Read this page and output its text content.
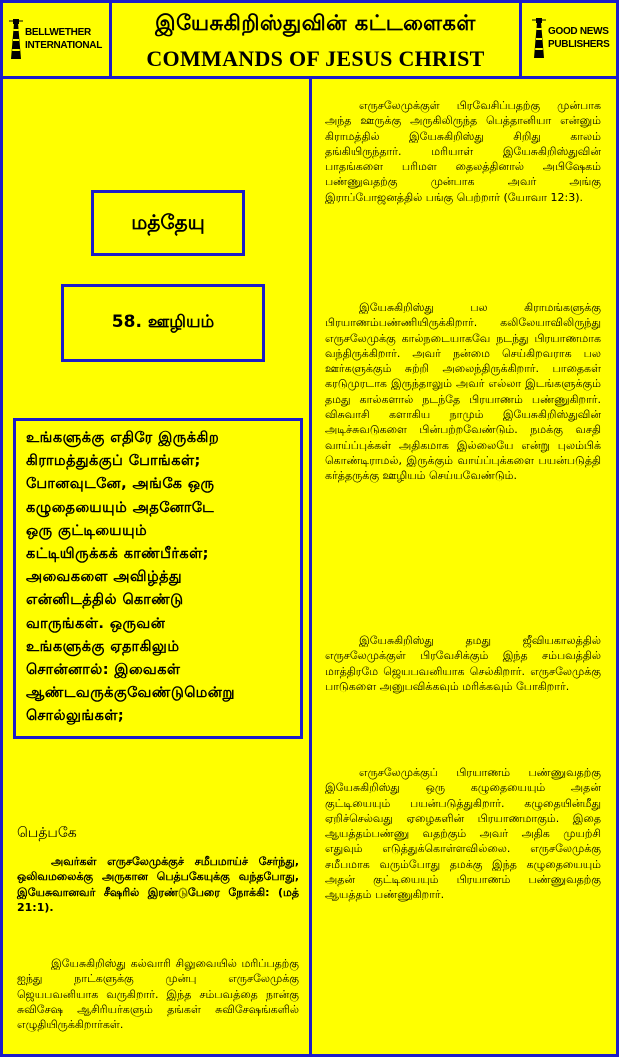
BELLWETHER
INTERNATIONAL
இயேசுகிறிஸ்துவின் கட்டளைகள்
COMMANDS OF JESUS CHRIST
GOOD NEWS
PUBLISHERS
மத்தேயு
58. ஊழியம்
உங்களுக்கு எதிரே இருக்கிற
கிராமத்துக்குப் போங்கள்;
போனவுடனே, அங்கே ஒரு
கழுதையையும் அதனோடே
ஒரு குட்டியையும்
கட்டியிருக்கக் காண்பீர்கள்;
அவைகளை அவிழ்த்து
என்னிடத்தில் கொண்டு
வாருங்கள். ஒருவன்
உங்களுக்கு ஏதாகிலும்
சொன்னால்: இவைகள்
ஆண்டவருக்குவேண்டுமென்று
சொல்லுங்கள்;
பெத்பகே
அவர்கள் எருசலேமுக்குச் சமீபமாய்ச் சேர்ந்து, ஒலிவமலைக்கு அருகான பெத்பகேயுக்கு வந்தபோது, இயேசுவானவர் சீஷரில் இரண்டுபேரை நோக்கி: (மத் 21:1).
இயேசுகிறிஸ்து கல்வாரி சிலுவையில் மரிப்பதற்கு ஐந்து நாட்களுக்கு முன்பு எருசலேமுக்கு ஜெயபவனியாக வருகிறார். இந்த சம்பவத்தை நான்கு சுவிசேஷ ஆசிரியர்களும் தங்கள் சுவிசேஷங்களில் எழுதியிருக்கிறார்கள்.
எருசலேமுக்குள் பிரவேசிப்பதற்கு முன்பாக அந்த ஊருக்கு அருகிலிருந்த பெத்தானியா என்னும் கிராமத்தில் இயேசுகிறிஸ்து சிறிது காலம் தங்கியிருந்தார். மரியாள் இயேசுகிறிஸ்துவின் பாதங்களை பரிமள தைலத்தினால் அபிஷேகம் பண்ணுவதற்கு முன்பாக அவர் அங்கு இராப்போஜனத்தில் பங்கு பெற்றார் (யோவா 12:3).
இயேசுகிறிஸ்து பல கிராமங்களுக்கு பிரயாணம்பண்ணியிருக்கிறார். கலிலேயாவிலிருந்து எருசலேமுக்கு கால்நடையாகவே நடந்து பிரயாணமாக வந்திருக்கிறார். அவர் நன்மை செய்கிறவராக பல ஊர்களுக்கும் சுற்றி அலைந்திருக்கிறார். பாதைகள் கரடுமுரடாக இருந்தாலும் அவர் எல்லா இடங்களுக்கும் தமது கால்களால் நடந்தே பிரயாணம் பண்ணுகிறார். விசுவாசி களாகிய நாமும் இயேசுகிறிஸ்துவின் அடிச்சுவடுகளை பின்பற்றவேண்டும். நமக்கு வசதி வாய்ப்புக்கள் அதிகமாக இல்லையே என்று புலம்பிக் கொண்டிராமல், இருக்கும் வாய்ப்புக்களை பயன்படுத்தி கர்த்தருக்கு ஊழியம் செய்யவேண்டும்.
இயேசுகிறிஸ்து தமது ஜீவியகாலத்தில் எருசலேமுக்குள் பிரவேசிக்கும் இந்த சம்பவத்தில் மாத்திரமே ஜெயபவனியாக செல்கிறார். எருசலேமுக்கு பாடுகளை அனுபவிக்கவும் மரிக்கவும் போகிறார்.
எருசலேமுக்குப் பிரயாணம் பண்ணுவதற்கு இயேசுகிறிஸ்து ஒரு கழுதையையும் அதன் குட்டியையும் பயன்படுத்துகிறார். கழுதையின்மீது ஏறிச்செல்வது ஏழைகளின் பிரயாணமாகும். இதை ஆயத்தம்பண்ணு வதற்கும் அவர் அதிக முயற்சி எதுவும் எடுத்துக்கொள்ளவில்லை. எருசலேமுக்கு சமீபமாக வரும்போது தமக்கு இந்த கழுதையையும் அதன் குட்டியையும் பிரயாணம் பண்ணுவதற்கு ஆயத்தம் பண்ணுகிறார்.
